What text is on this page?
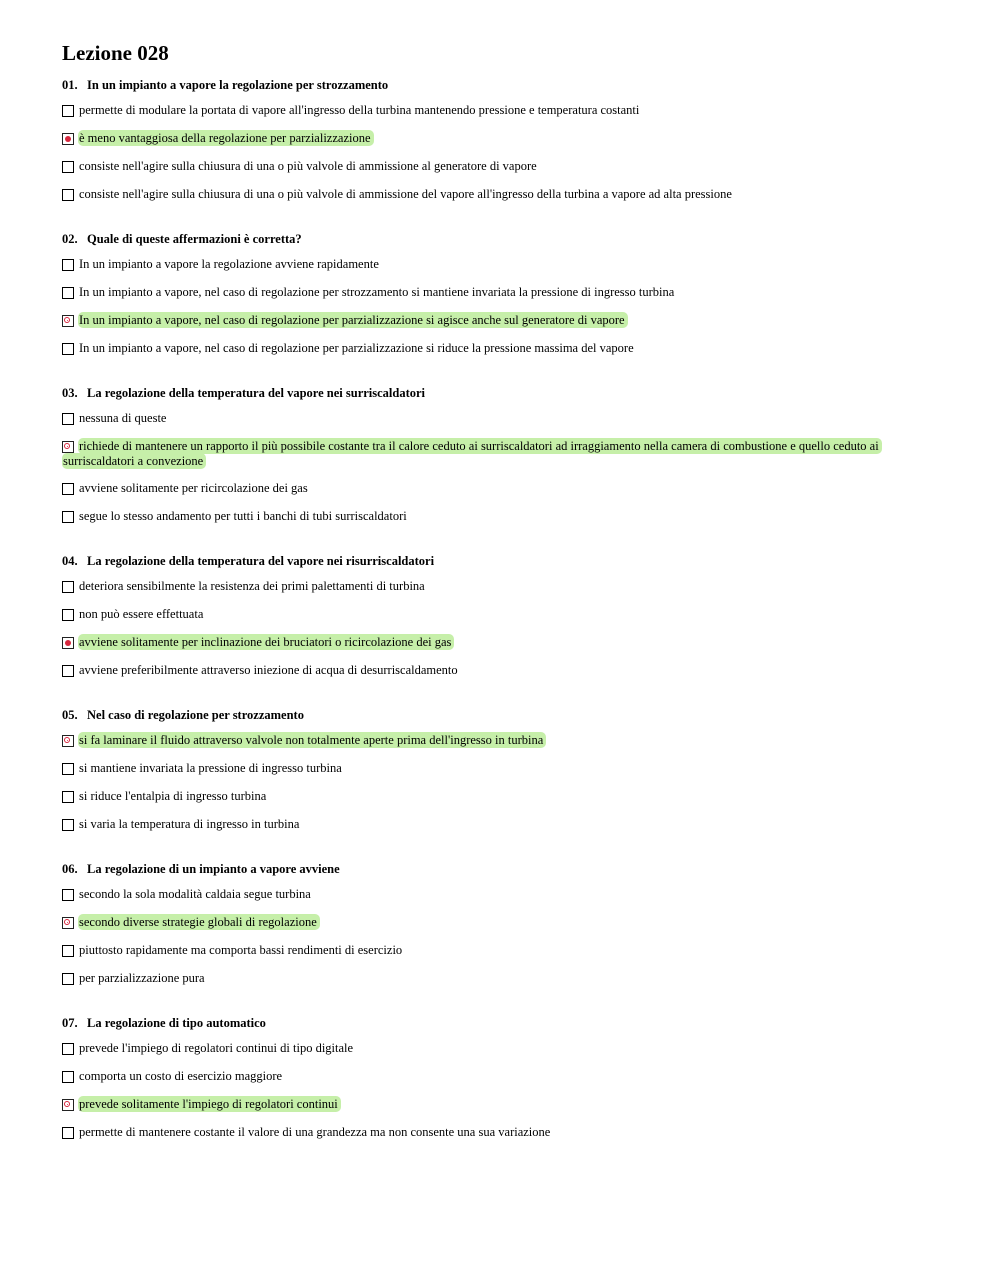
Lezione 028
01. In un impianto a vapore la regolazione per strozzamento
permette di modulare la portata di vapore all'ingresso della turbina mantenendo pressione e temperatura costanti
è meno vantaggiosa della regolazione per parzializzazione
consiste nell'agire sulla chiusura di una o più valvole di ammissione al generatore di vapore
consiste nell'agire sulla chiusura di una o più valvole di ammissione del vapore all'ingresso della turbina a vapore ad alta pressione
02. Quale di queste affermazioni è corretta?
In un impianto a vapore la regolazione avviene rapidamente
In un impianto a vapore, nel caso di regolazione per strozzamento si mantiene invariata la pressione di ingresso turbina
In un impianto a vapore, nel caso di regolazione per parzializzazione si agisce anche sul generatore di vapore
In un impianto a vapore, nel caso di regolazione per parzializzazione si riduce la pressione massima del vapore
03. La regolazione della temperatura del vapore nei surriscaldatori
nessuna di queste
richiede di mantenere un rapporto il più possibile costante tra il calore ceduto ai surriscaldatori ad irraggiamento nella camera di combustione e quello ceduto ai surriscaldatori a convezione
avviene solitamente per ricircolazione dei gas
segue lo stesso andamento per tutti i banchi di tubi surriscaldatori
04. La regolazione della temperatura del vapore nei risurriscaldatori
deteriora sensibilmente la resistenza dei primi palettamenti di turbina
non può essere effettuata
avviene solitamente per inclinazione dei bruciatori o ricircolazione dei gas
avviene preferibilmente attraverso iniezione di acqua di desurriscaldamento
05. Nel caso di regolazione per strozzamento
si fa laminare il fluido attraverso valvole non totalmente aperte prima dell'ingresso in turbina
si mantiene invariata la pressione di ingresso turbina
si riduce l'entalpia di ingresso turbina
si varia la temperatura di ingresso in turbina
06. La regolazione di un impianto a vapore avviene
secondo la sola modalità caldaia segue turbina
secondo diverse strategie globali di regolazione
piuttosto rapidamente ma comporta bassi rendimenti di esercizio
per parzializzazione pura
07. La regolazione di tipo automatico
prevede l'impiego di regolatori continui di tipo digitale
comporta un costo di esercizio maggiore
prevede solitamente l'impiego di regolatori continui
permette di mantenere costante il valore di una grandezza ma non consente una sua variazione
